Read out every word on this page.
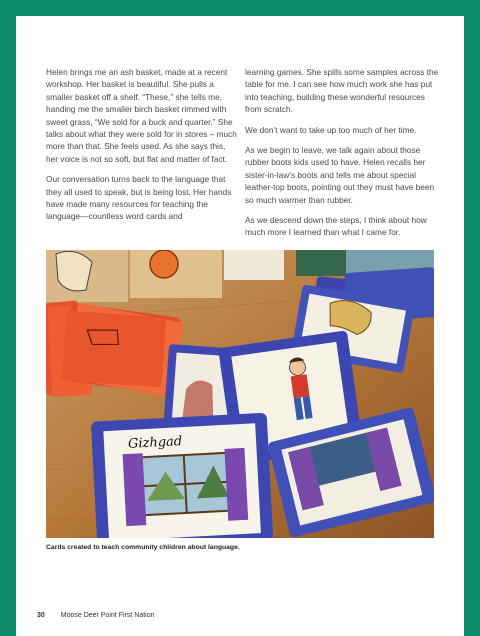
Helen brings me an ash basket, made at a recent workshop. Her basket is beautiful. She pulls a smaller basket off a shelf. “These,” she tells me, handing me the smaller birch basket rimmed with sweet grass, “We sold for a buck and quarter.” She talks about what they were sold for in stores – much more than that. She feels used. As she says this, her voice is not so soft, but flat and matter of fact.

Our conversation turns back to the language that they all used to speak, but is being lost. Her hands have made many resources for teaching the language—countless word cards and

learning games. She spills some samples across the table for me. I can see how much work she has put into teaching, building these wonderful resources from scratch.

We don’t want to take up too much of her time.

As we begin to leave, we talk again about those rubber boots kids used to have. Helen recalls her sister-in-law’s boots and tells me about special leather-top boots, pointing out they must have been so much warmer than rubber.

As we descend down the steps, I think about how much more I learned than what I came for.

Gizhgad
Cards created to teach community children about language.
30 Moose Deer Point First Nation
